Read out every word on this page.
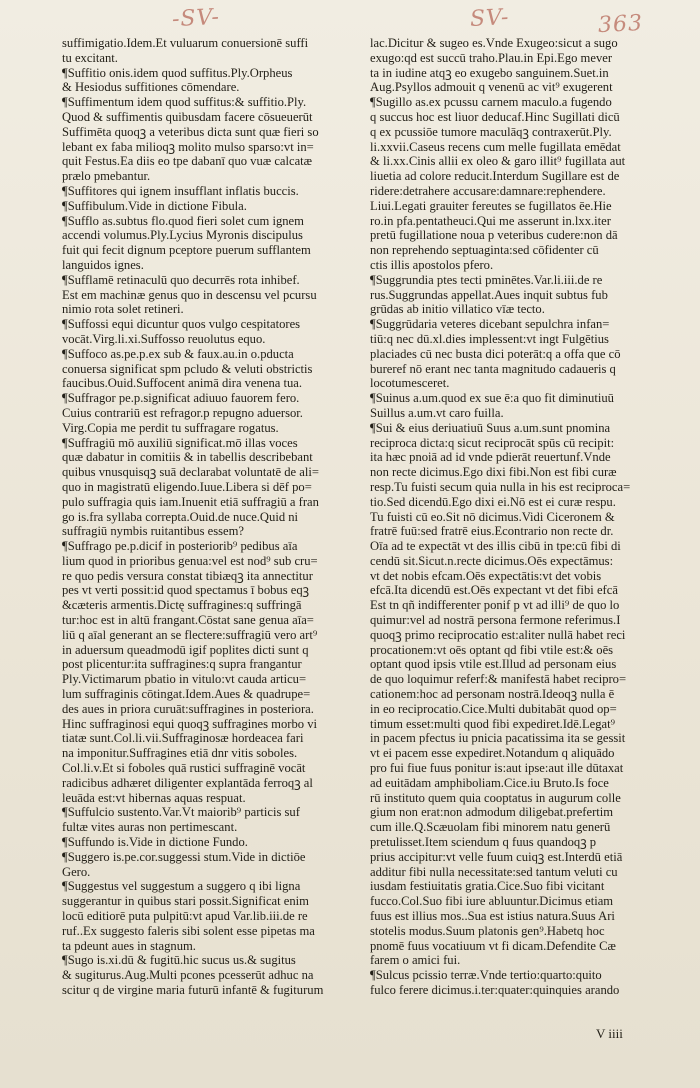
-SV-	SV-	363
suffimigatio.Idem.Et vuluarum conuersionē suffi
tu excitant.
¶Suffitio onis.idem quod suffitus.Ply.Orpheus
& Hesiodus suffitiones cōmendare.
¶Suffimentum idem quod suffitus:& suffitio.Ply.
Quod & suffimentis quibusdam facere cōsueuerūt
Suffimēta quoqꝫ a veteribus dicta sunt quæ fieri so
lebant ex faba milioqꝫ molito mulso sparso:vt in=
quit Festus.Ea diis eo tpe dabanī quo vuæ calcatæ
prælo pmebantur.
¶Suffitores qui ignem insufflant inflatis buccis.
¶Suffibulum.Vide in dictione Fibula.
¶Sufflo as.subtus flo.quod fieri solet cum ignem
accendi volumus.Ply.Lycius Myronis discipulus
fuit qui fecit dignum pceptore puerum sufflantem
languidos ignes.
¶Sufflamē retinaculū quo decurrēs rota inhibef.
Est em machinæ genus quo in descensu vel pcursu
nimio rota solet retineri.
¶Suffossi equi dicuntur quos vulgo cespitatores
vocāt.Virg.li.xi.Suffosso reuolutus equo.
¶Suffoco as.pe.p.ex sub & faux.au.in o.pducta
conuersa significat spm pcludo & veluti obstrictis
faucibus.Ouid.Suffocent animā dira venena tua.
¶Suffragor pe.p.significat adiuuo fauorem fero.
Cuius contrariū est refragor.p repugno aduersor.
Virg.Copia me perdit tu suffragare rogatus.
¶Suffragiū mō auxiliū significat.mō illas voces
quæ dabatur in comitiis & in tabellis describebant
quibus vnusquisqꝫ suā declarabat voluntatē de ali=
quo in magistratū eligendo.Iuue.Libera si dēf po=
pulo suffragia quis iam.Inuenit etiā suffragiū a fran
go is.fra syllaba correpta.Ouid.de nuce.Quid ni
suffragiū nymbis ruitantibus essem?
¶Suffrago pe.p.dicif in posteriorib⁹ pedibus aīa
lium quod in prioribus genua:vel est nod⁹ sub cru=
re quo pedis versura constat tibiæqꝫ ita annectitur
pes vt verti possit:id quod spectamus ī bobus eqꝫ
&cæteris armentis.Dictę suffragines:q suffringā
tur:hoc est in altū frangant.Cōstat sane genua aīa=
liū q aīal generant an se flectere:suffragiū vero art⁹
in aduersum queadmodū igif poplites dicti sunt q
post plicentur:ita suffragines:q supra frangantur
Ply.Victimarum pbatio in vitulo:vt cauda articu=
lum suffraginis cōtingat.Idem.Aues & quadrupe=
des aues in priora curuāt:suffragines in posteriora.
Hinc suffraginosi equi quoqꝫ suffragines morbo vi
tiatæ sunt.Col.li.vii.Suffraginosæ hordeacea fari
na imponitur.Suffragines etiā dnr vitis soboles.
Col.li.v.Et si foboles quā rustici suffraginē vocāt
radicibus adhæret diligenter explantāda ferroqꝫ al
leuāda est:vt hibernas aquas respuat.
¶Suffulcio sustento.Var.Vt maiorib⁹ particis suf
fultæ vites auras non pertimescant.
¶Suffundo is.Vide in dictione Fundo.
¶Suggero is.pe.cor.suggessi stum.Vide in dictiōe
Gero.
¶Suggestus vel suggestum a suggero q ibi ligna
suggerantur in quibus stari possit.Significat enim
locū editiorē puta pulpitū:vt apud Var.lib.iii.de re
ruf..Ex suggesto faleris sibi solent esse pipetas ma
ta pdeunt aues in stagnum.
¶Sugo is.xi.dū & fugitū.hic sucus us.& sugitus
& sugiturus.Aug.Multi pcones pcesserūt adhuc na
scitur q de virgine maria futurū infantē & fugiturum
lac.Dicitur & sugeo es.Vnde Exugeo:sicut a sugo
exugo:qd est succū traho.Plau.in Epi.Ego mever
ta in iudine atqꝫ eo exugebo sanguinem.Suet.in
Aug.Psyllos admouit q venenū ac vit⁹ exugerent
¶Sugillo as.ex pcussu carnem maculo.a fugendo
q succus hoc est liuor deducaf.Hinc Sugillati dicū
q ex pcussiōe tumore maculāqꝫ contraxerūt.Ply.
li.xxvii.Caseus recens cum melle fugillata emēdat
& li.xx.Cinis allii ex oleo & garo illit⁹ fugillata aut
liuetia ad colore reducit.Interdum Sugillare est de
ridere:detrahere accusare:damnare:rephendere.
Liui.Legati grauiter fereutes se fugillatos ēe.Hie
ro.in pfa.pentatheuci.Qui me asserunt in.lxx.iter
pretū fugillatione noua p veteribus cudere:non dā
non reprehendo septuaginta:sed cōfidenter cū
ctis illis apostolos pfero.
¶Suggrundia ptes tecti pminētes.Var.li.iii.de re
rus.Suggrundas appellat.Aues inquit subtus fub
grūdas ab initio villatico vīæ tecto.
¶Suggrūdaria veteres dicebant sepulchra infan=
tiū:q nec dū.xl.dies implessent:vt ingt Fulgētius
placiades cū nec busta dici poterāt:q a offa que cō
bureref nō erant nec tanta magnitudo cadaueris q
locotumesceret.
¶Suinus a.um.quod ex sue ē:a quo fit diminutiuū
Suillus a.um.vt caro fuilla.
¶Sui & eius deriuatiuū Suus a.um.sunt pnomina
reciproca dicta:q sicut reciprocāt spūs cū recipit:
ita hæc pnoiā ad id vnde pdierāt reuertunf.Vnde
non recte dicimus.Ego dixi fibi.Non est fibi curæ
resp.Tu fuisti secum quia nulla in his est reciproca=
tio.Sed dicendū.Ego dixi ei.Nō est ei curæ respu.
Tu fuisti cū eo.Sit nō dicimus.Vidi Ciceronem &
fratrē fuū:sed fratrē eius.Econtrario non recte dr.
Oīa ad te expectāt vt des illis cibū in tpe:cū fibi di
cendū sit.Sicut.n.recte dicimus.Oēs expectāmus:
vt det nobis efcam.Oēs expectātis:vt det vobis
efcā.Ita dicendū est.Oēs expectant vt det fibi efcā
Est tn qñ indifferenter ponif p vt ad illi⁹ de quo lo
quimur:vel ad nostrā persona fermone referimus.I
quoqꝫ primo reciprocatio est:aliter nullā habet reci
procationem:vt oēs optant qd fibi vtile est:& oēs
optant quod ipsis vtile est.Illud ad personam eius
de quo loquimur referf:& manifestā habet recipro=
cationem:hoc ad personam nostrā.Ideoqꝫ nulla ē
in eo reciprocatio.Cice.Multi dubitabāt quod op=
timum esset:multi quod fibi expediret.Idē.Legat⁹
in pacem pfectus iu pnicia pacatissima ita se gessit
vt ei pacem esse expediret.Notandum q aliquādo
pro fui fiue fuus ponitur is:aut ipse:aut ille dūtaxat
ad euitādam amphiboliam.Cice.iu Bruto.Is foce
rū instituto quem quia cooptatus in augurum colle
gium non erat:non admodum diligebat.prefertim
cum ille.Q.Scæuolam fibi minorem natu generū
pretulisset.Item sciendum q fuus quandoqꝫ p
prius accipitur:vt velle fuum cuiqꝫ est.Interdū etiā
additur fibi nulla necessitate:sed tantum veluti cu
iusdam festiuitatis gratia.Cice.Suo fibi vicitant
fucco.Col.Suo fibi iure abluuntur.Dicimus etiam
fuus est illius mos..Sua est istius natura.Suus Ari
stotelis modus.Suum platonis gen⁹.Habetq hoc
pnomē fuus vocatiuum vt fi dicam.Defendite Cæ
farem o amici fui.
¶Sulcus pcissio terræ.Vnde tertio:quarto:quito
fulco ferere dicimus.i.ter:quater:quinquies arando
V iiii
